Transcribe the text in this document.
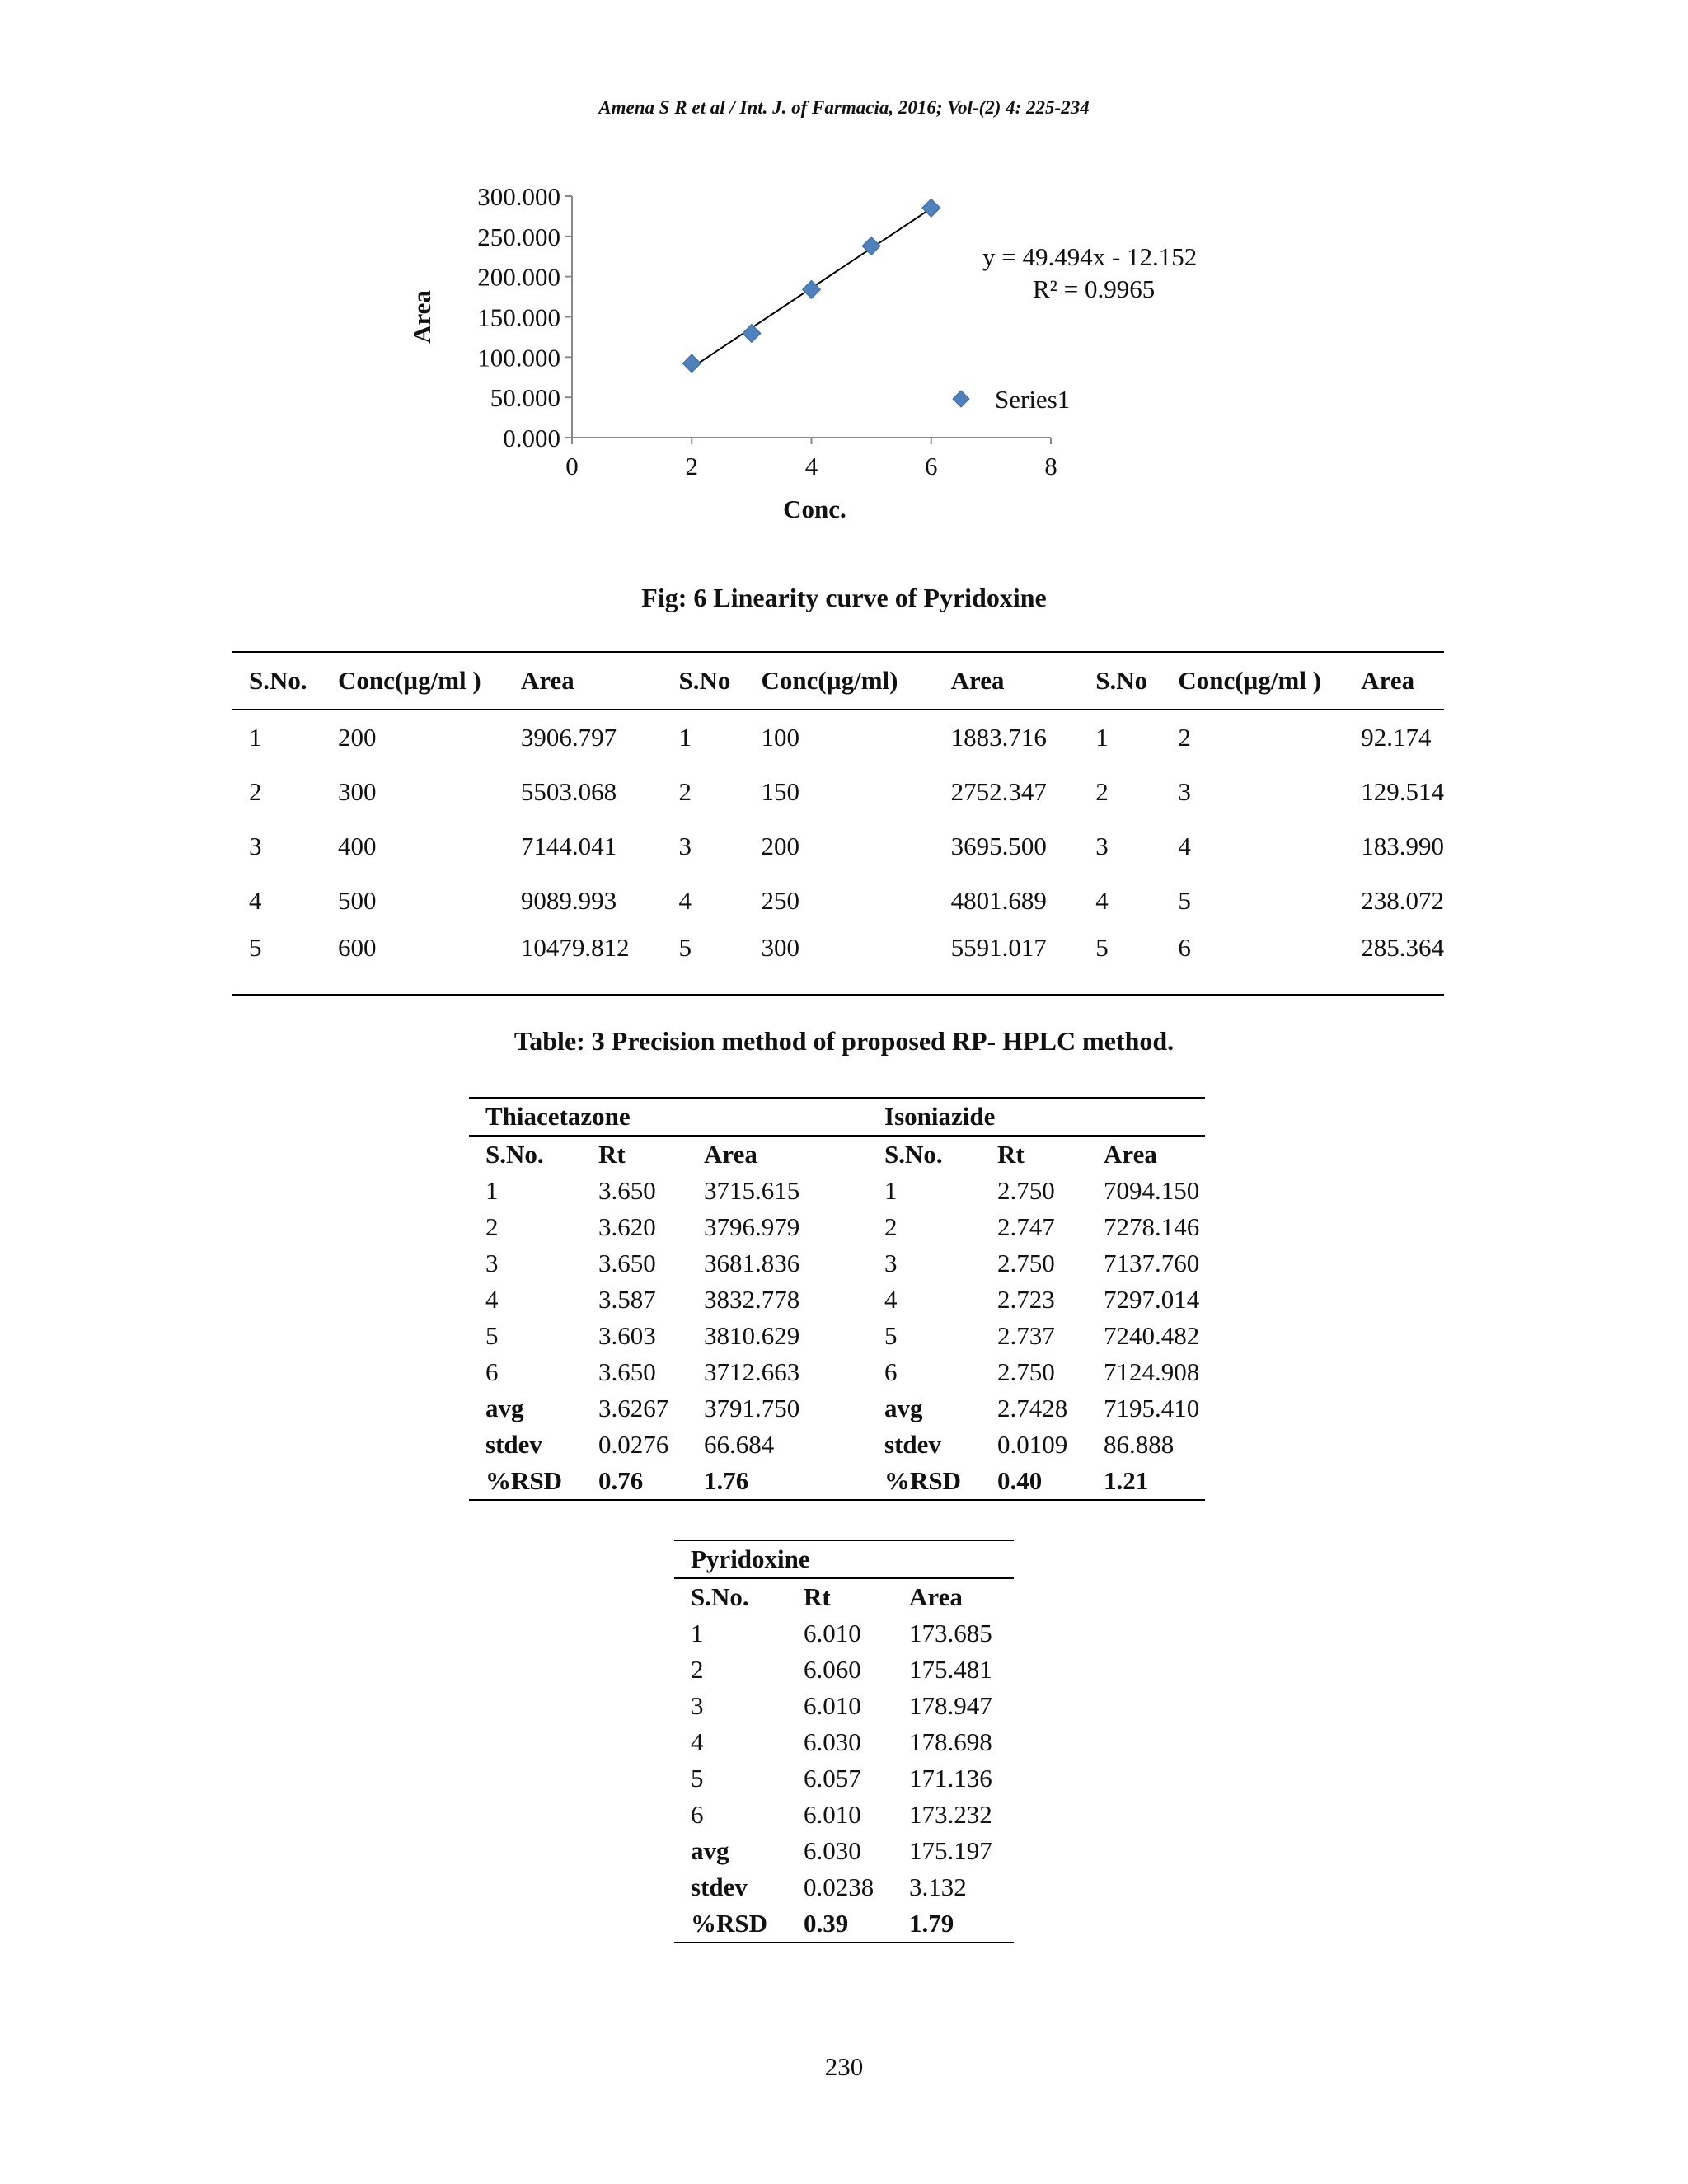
Amena S R et al / Int. J. of Farmacia, 2016; Vol-(2) 4: 225-234
0.000
50.000
100.000
150.000
200.000
250.000
300.000
0	2	4	6	8
Conc.
Area
y = 49.494x - 12.152
R² = 0.9965
Series1
Fig: 6 Linearity curve of Pyridoxine
S.No.	Conc(µg/ml )	Area	S.No	Conc(µg/ml)	Area	S.No	Conc(µg/ml )	Area
1	200	3906.797	1	100	1883.716	1	2	92.174
2	300	5503.068	2	150	2752.347	2	3	129.514
3	400	7144.041	3	200	3695.500	3	4	183.990
4	500	9089.993	4	250	4801.689	4	5	238.072
5	600	10479.812	5	300	5591.017	5	6	285.364
Table: 3 Precision method of proposed RP- HPLC method.
Thiacetazone			Isoniazide		
S.No.	Rt	Area	S.No.	Rt	Area
1	3.650	3715.615	1	2.750	7094.150
2	3.620	3796.979	2	2.747	7278.146
3	3.650	3681.836	3	2.750	7137.760
4	3.587	3832.778	4	2.723	7297.014
5	3.603	3810.629	5	2.737	7240.482
6	3.650	3712.663	6	2.750	7124.908
avg	3.6267	3791.750	avg	2.7428	7195.410
stdev	0.0276	66.684	stdev	0.0109	86.888
%RSD	0.76	1.76	%RSD	0.40	1.21
Pyridoxine		
S.No.	Rt	Area
1	6.010	173.685
2	6.060	175.481
3	6.010	178.947
4	6.030	178.698
5	6.057	171.136
6	6.010	173.232
avg	6.030	175.197
stdev	0.0238	3.132
%RSD	0.39	1.79
230
